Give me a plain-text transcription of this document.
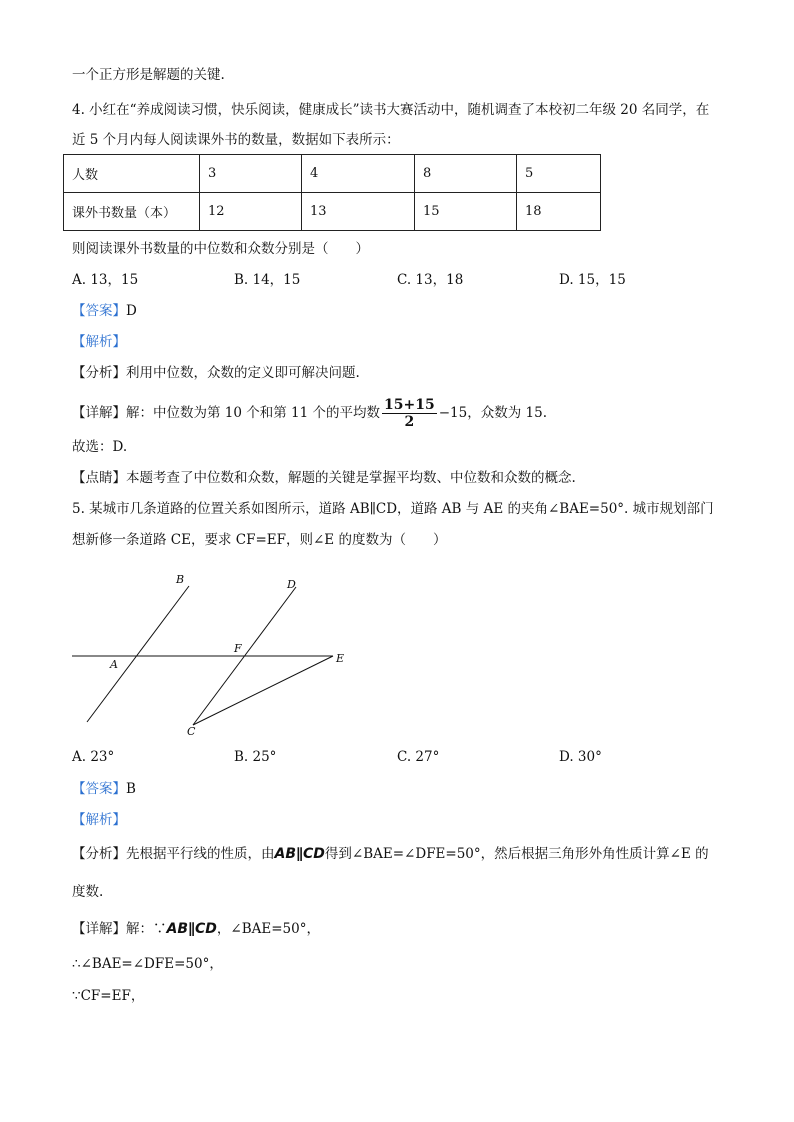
一个正方形是解题的关键.
4. 小红在“养成阅读习惯，快乐阅读，健康成长”读书大赛活动中，随机调查了本校初二年级 20 名同学，在
近 5 个月内每人阅读课外书的数量，数据如下表所示：
人数	3	4	8	5
课外书数量（本）	12	13	15	18
则阅读课外书数量的中位数和众数分别是（　　）
A. 13，15	B. 14，15	C. 13，18	D. 15，15
【答案】D
【解析】
【分析】利用中位数，众数的定义即可解决问题.
【详解】解：中位数为第 10 个和第 11 个的平均数 $\frac{15+15}{2} -15$，众数为 15.
故选：D.
【点睛】本题考查了中位数和众数，解题的关键是掌握平均数、中位数和众数的概念.
5. 某城市几条道路的位置关系如图所示，道路 AB∥CD，道路 AB 与 AE 的夹角∠BAE=50°. 城市规划部门
想新修一条道路 CE，要求 CF=EF，则∠E 的度数为（　　）
B	D
A
F
E
C
A. 23°	B. 25°	C. 27°	D. 30°
【答案】B
【解析】
【分析】先根据平行线的性质，由AB∥CD得到∠BAE=∠DFE=50°，然后根据三角形外角性质计算∠E 的
度数.
【详解】解：∵AB∥CD，∠BAE=50°，
∴∠BAE=∠DFE=50°，
∵CF=EF，
